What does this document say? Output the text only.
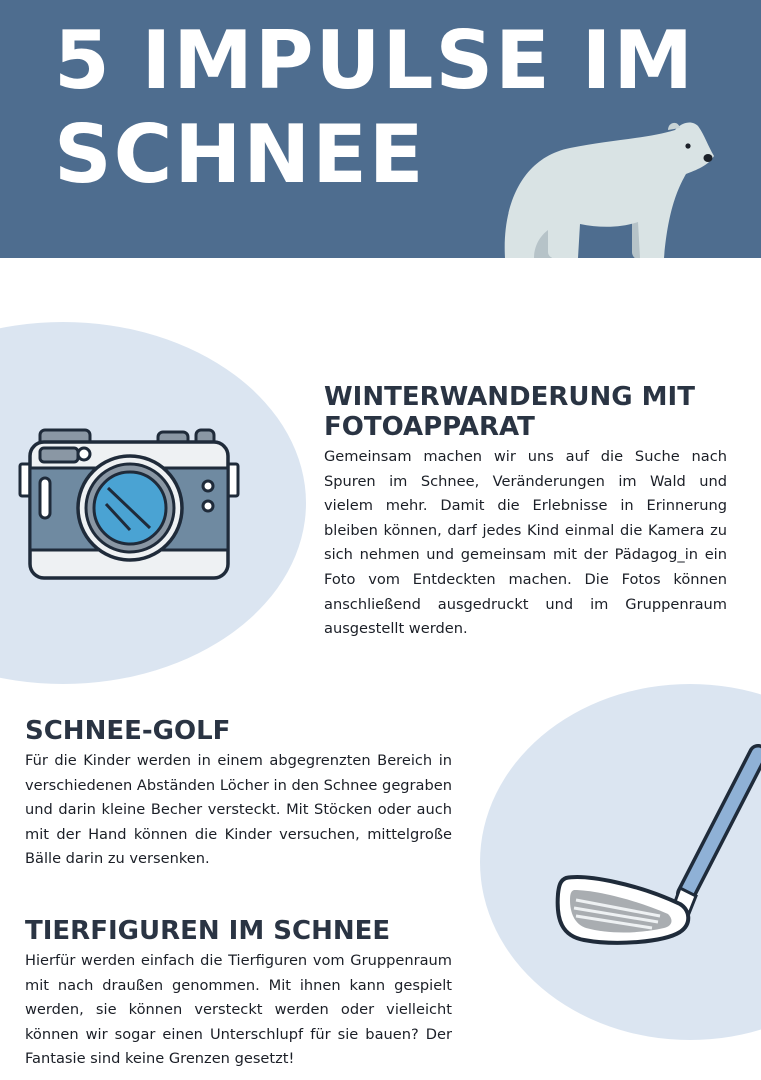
5 IMPULSE IM SCHNEE
WINTERWANDERUNG MIT FOTOAPPARAT

Gemeinsam machen wir uns auf die Suche nach Spuren im Schnee, Veränderungen im Wald und vielem mehr. Damit die Erlebnisse in Erinnerung bleiben können, darf jedes Kind einmal die Kamera zu sich nehmen und gemeinsam mit der Pädagog_in ein Foto vom Entdeckten machen. Die Fotos können anschließend ausgedruckt und im Gruppenraum ausgestellt werden.

SCHNEE-GOLF

Für die Kinder werden in einem abgegrenzten Bereich in verschiedenen Abständen Löcher in den Schnee gegraben und darin kleine Becher versteckt. Mit Stöcken oder auch mit der Hand können die Kinder versuchen, mittelgroße Bälle darin zu versenken.

TIERFIGUREN IM SCHNEE

Hierfür werden einfach die Tierfiguren vom Gruppenraum mit nach draußen genommen. Mit ihnen kann gespielt werden, sie können versteckt werden oder vielleicht können wir sogar einen Unterschlupf für sie bauen? Der Fantasie sind keine Grenzen gesetzt!
